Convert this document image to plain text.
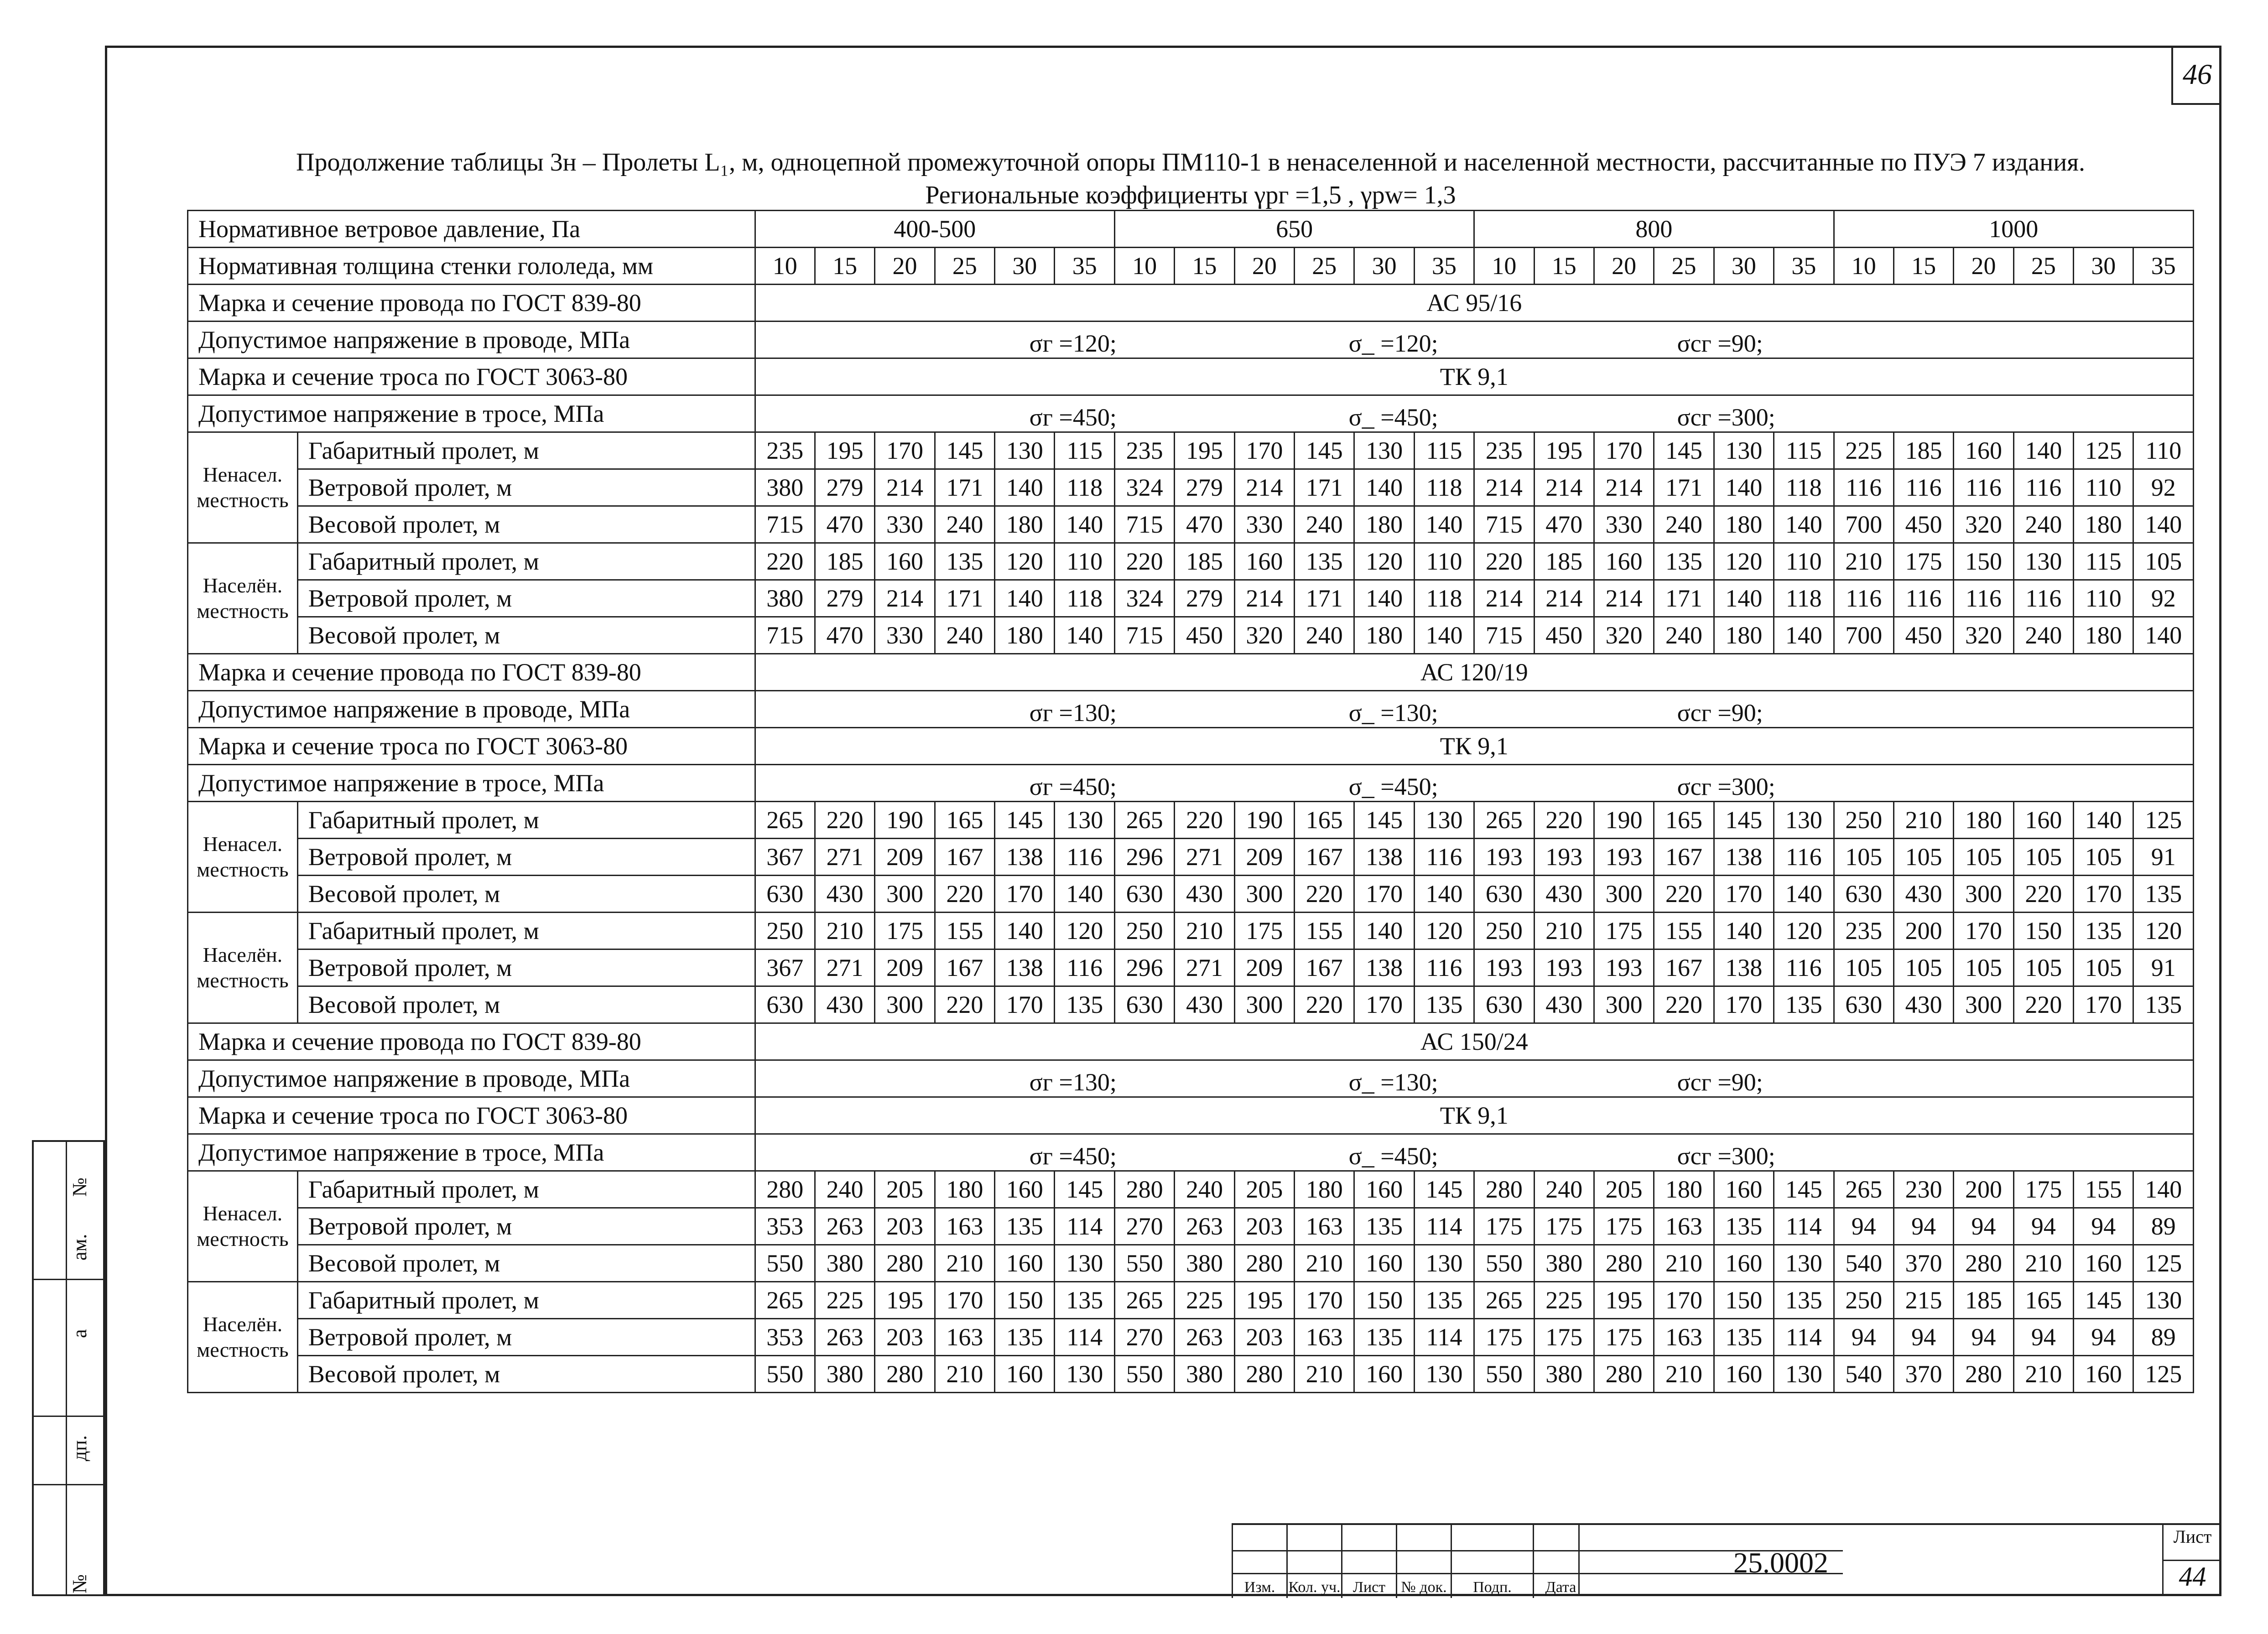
46
Продолжение таблицы 3н – Пролеты L₁, м, одноцепной промежуточной опоры ПМ110-1 в ненаселенной и населенной местности, рассчитанные по ПУЭ 7 издания.
Региональные коэффициенты γрг =1,5 , γрw= 1,3
Нормативное ветровое давление, Па		400-500						650						800						1000					
Нормативная толщина стенки гололеда, мм		10	15	20	25	30	35	10	15	20	25	30	35	10	15	20	25	30	35	10	15	20	25	30	35
Марка и сечение провода по ГОСТ 839-80		АС 95/16																							
Допустимое напряжение в проводе, МПа		σг =120; σ_ =120; σсг =90;																							

Марка и сечение троса по ГОСТ 3063-80		ТК 9,1																							
Допустимое напряжение в тросе, МПа		σг =450; σ_ =450; σсг =300;																							

Ненасел. местность	Габаритный пролет, м	235	195	170	145	130	115	235	195	170	145	130	115	235	195	170	145	130	115	225	185	160	140	125	110
	Ветровой пролет, м	380	279	214	171	140	118	324	279	214	171	140	118	214	214	214	171	140	118	116	116	116	116	110	92
	Весовой пролет, м	715	470	330	240	180	140	715	470	330	240	180	140	715	470	330	240	180	140	700	450	320	240	180	140
Населён. местность	Габаритный пролет, м	220	185	160	135	120	110	220	185	160	135	120	110	220	185	160	135	120	110	210	175	150	130	115	105
	Ветровой пролет, м	380	279	214	171	140	118	324	279	214	171	140	118	214	214	214	171	140	118	116	116	116	116	110	92
	Весовой пролет, м	715	470	330	240	180	140	715	450	320	240	180	140	715	450	320	240	180	140	700	450	320	240	180	140
Марка и сечение провода по ГОСТ 839-80		АС 120/19																							
Допустимое напряжение в проводе, МПа		σг =130; σ_ =130; σсг =90;																							

Марка и сечение троса по ГОСТ 3063-80		ТК 9,1																							
Допустимое напряжение в тросе, МПа		σг =450; σ_ =450; σсг =300;																							

Ненасел. местность	Габаритный пролет, м	265	220	190	165	145	130	265	220	190	165	145	130	265	220	190	165	145	130	250	210	180	160	140	125
	Ветровой пролет, м	367	271	209	167	138	116	296	271	209	167	138	116	193	193	193	167	138	116	105	105	105	105	105	91
	Весовой пролет, м	630	430	300	220	170	140	630	430	300	220	170	140	630	430	300	220	170	140	630	430	300	220	170	135
Населён. местность	Габаритный пролет, м	250	210	175	155	140	120	250	210	175	155	140	120	250	210	175	155	140	120	235	200	170	150	135	120
	Ветровой пролет, м	367	271	209	167	138	116	296	271	209	167	138	116	193	193	193	167	138	116	105	105	105	105	105	91
	Весовой пролет, м	630	430	300	220	170	135	630	430	300	220	170	135	630	430	300	220	170	135	630	430	300	220	170	135
Марка и сечение провода по ГОСТ 839-80		АС 150/24																							
Допустимое напряжение в проводе, МПа		σг =130; σ_ =130; σсг =90;																							

Марка и сечение троса по ГОСТ 3063-80		ТК 9,1																							
Допустимое напряжение в тросе, МПа		σг =450; σ_ =450; σсг =300;																							

Ненасел. местность	Габаритный пролет, м	280	240	205	180	160	145	280	240	205	180	160	145	280	240	205	180	160	145	265	230	200	175	155	140
	Ветровой пролет, м	353	263	203	163	135	114	270	263	203	163	135	114	175	175	175	163	135	114	94	94	94	94	94	89
	Весовой пролет, м	550	380	280	210	160	130	550	380	280	210	160	130	550	380	280	210	160	130	540	370	280	210	160	125
Населён. местность	Габаритный пролет, м	265	225	195	170	150	135	265	225	195	170	150	135	265	225	195	170	150	135	250	215	185	165	145	130
	Ветровой пролет, м	353	263	203	163	135	114	270	263	203	163	135	114	175	175	175	163	135	114	94	94	94	94	94	89
	Весовой пролет, м	550	380	280	210	160	130	550	380	280	210	160	130	550	380	280	210	160	130	540	370	280	210	160	125
№
ам.
а
дп.
№	Изм. Кол. уч. Лист	№ док.	Подп.	Дата
25.0002
Лист
44
